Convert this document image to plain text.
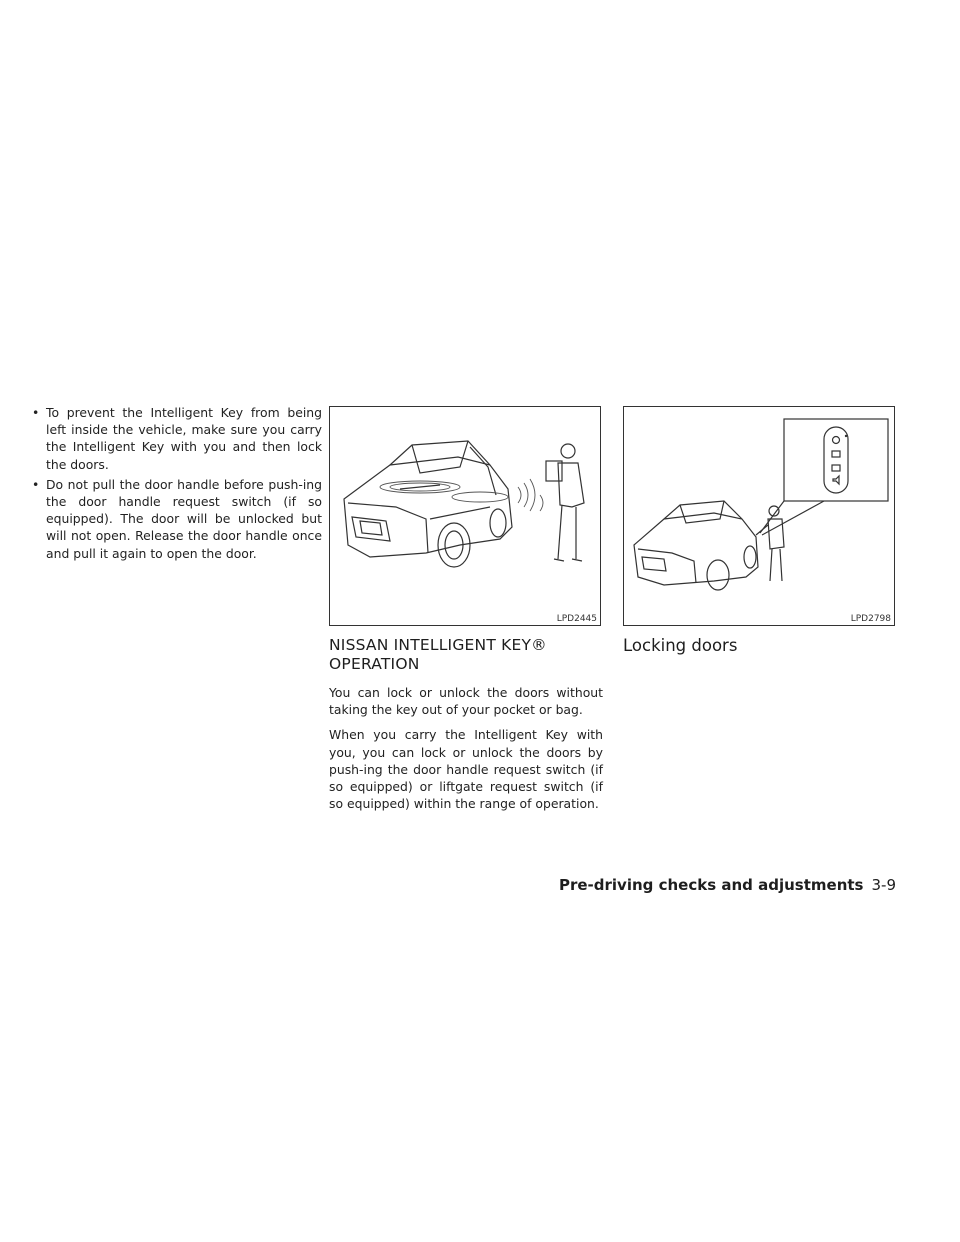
• To prevent the Intelligent Key from being left inside the vehicle, make sure you carry the Intelligent Key with you and then lock the doors.
• Do not pull the door handle before push-ing the door handle request switch (if so equipped). The door will be unlocked but will not open. Release the door handle once and pull it again to open the door.
LPD2445	LPD2798
NISSAN INTELLIGENT KEY® OPERATION

You can lock or unlock the doors without taking the key out of your pocket or bag.

When you carry the Intelligent Key with you, you can lock or unlock the doors by push-ing the door handle request switch (if so equipped) or liftgate request switch (if so equipped) within the range of operation.

Locking doors
Pre-driving checks and adjustments 3-9
